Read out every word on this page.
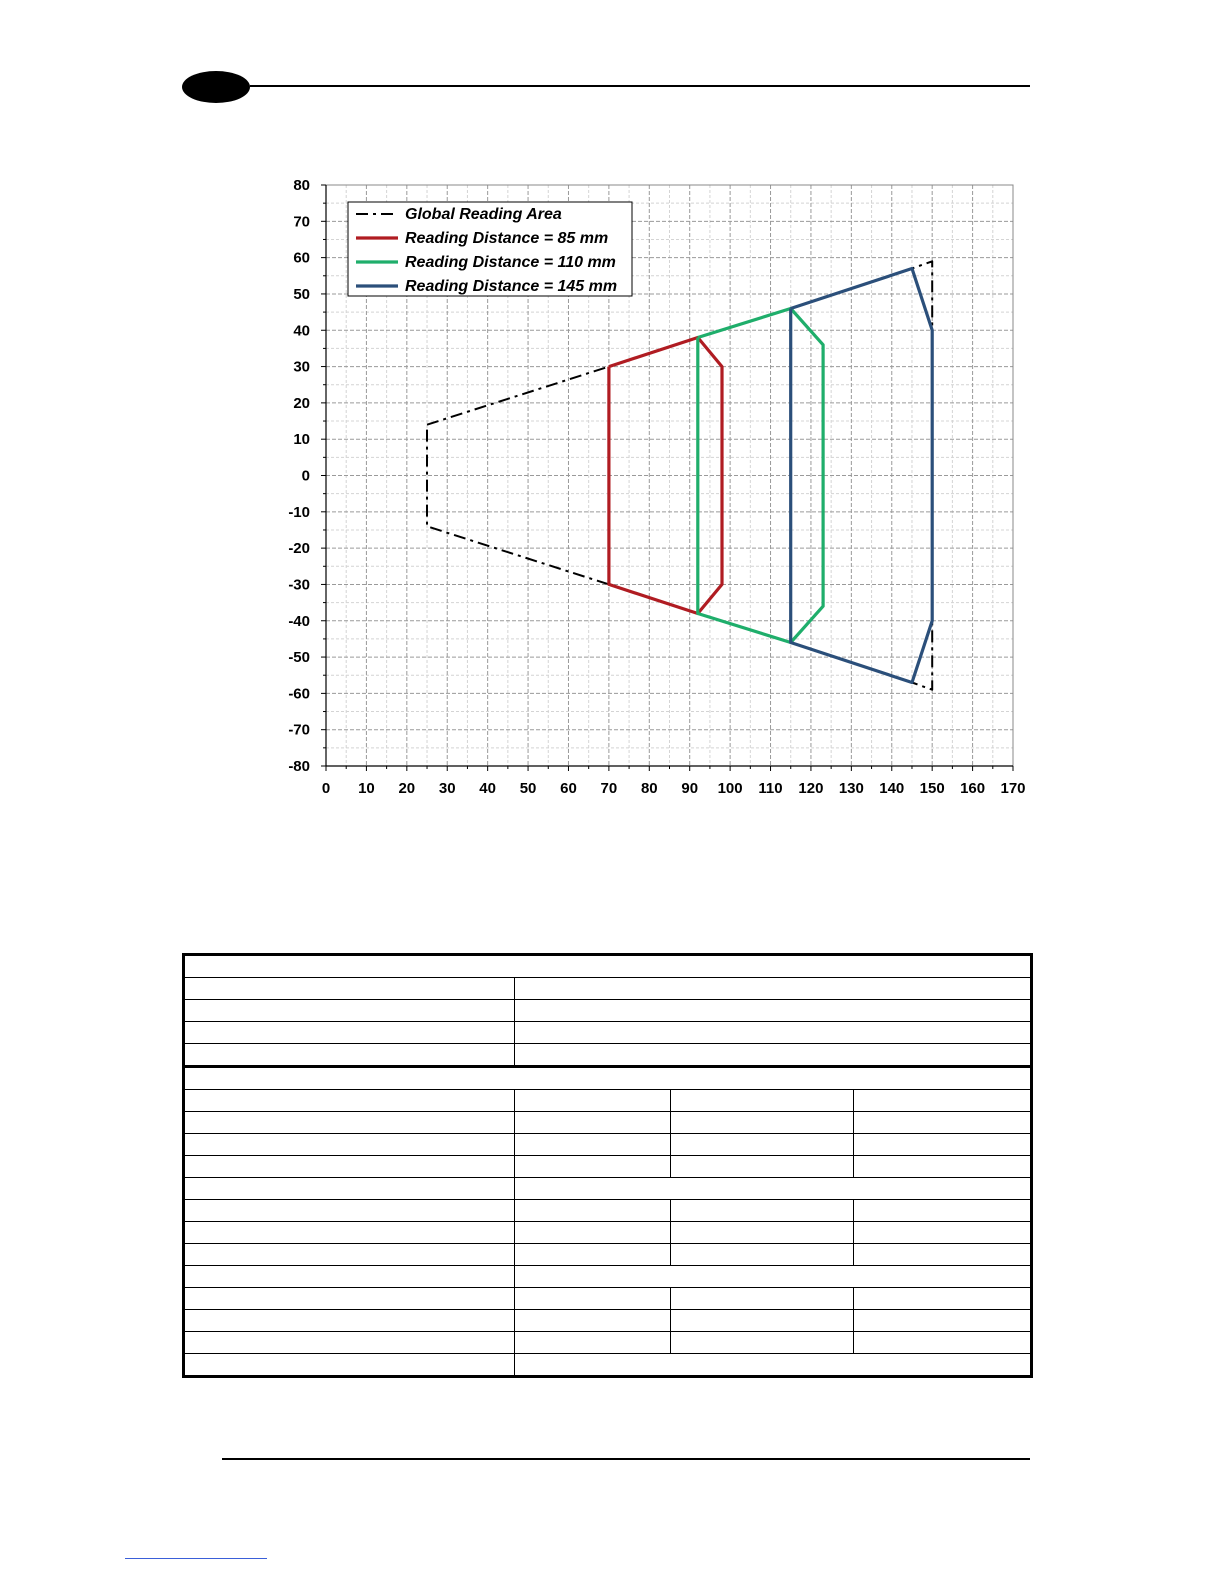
80
70
60
50
40
30
20
10
0
-10
-20
-30
-40
-50
-60
-70
-80
0 10 20 30 40 50 60 70 80 90 100 110 120 130 140 150 160 170
Global Reading Area
Reading Distance = 85 mm
Reading Distance = 110 mm
Reading Distance = 145 mm
